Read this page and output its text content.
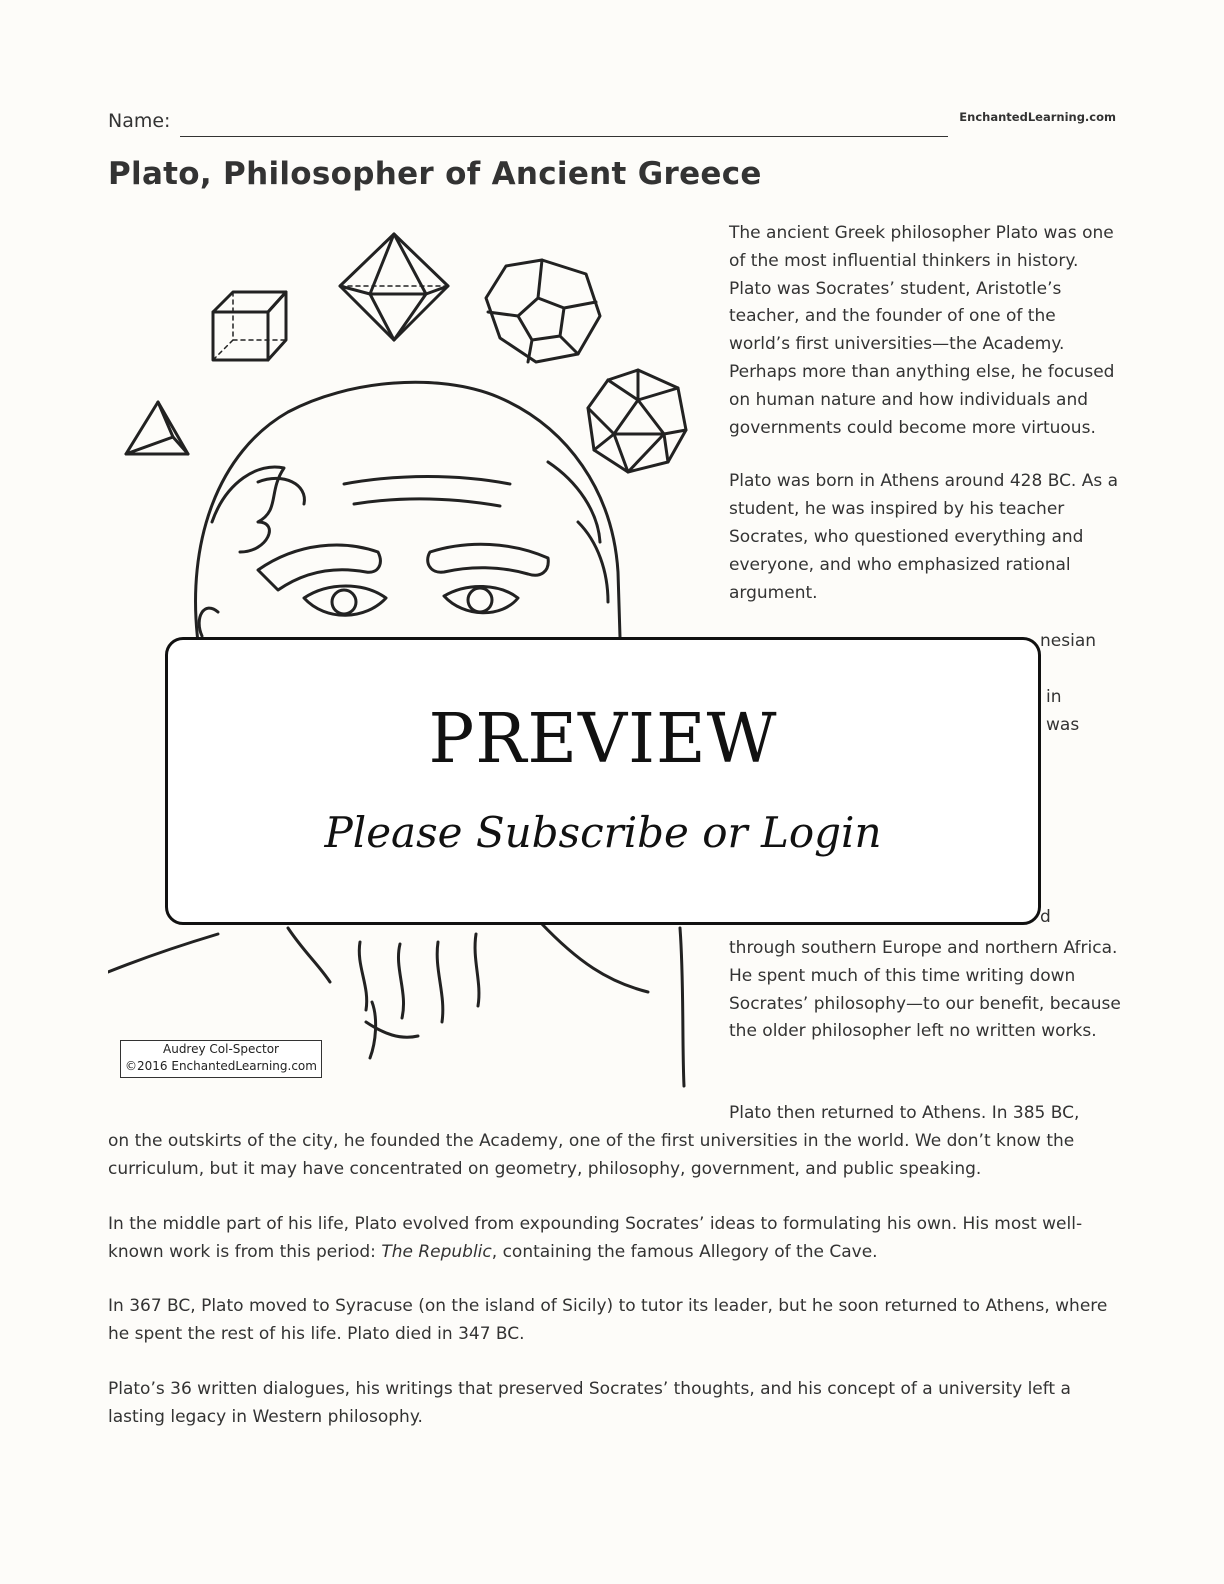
Name:	EnchantedLearning.com
Plato, Philosopher of Ancient Greece
Audrey Col-Spector
©2016 EnchantedLearning.com

The ancient Greek philosopher Plato was one of the most influential thinkers in history. Plato was Socrates’ student, Aristotle’s teacher, and the founder of one of the world’s first universities—the Academy. Perhaps more than anything else, he focused on human nature and how individuals and governments could become more virtuous.

Plato was born in Athens around 428 BC. As a student, he was inspired by his teacher Socrates, who questioned everything and everyone, and who emphasized rational argument.

nesian
in
was
d
through southern Europe and northern Africa. He spent much of this time writing down Socrates’ philosophy—to our benefit, because the older philosopher left no written works.
Plato then returned to Athens. In 385 BC,
on the outskirts of the city, he founded the Academy, one of the first universities in the world. We don’t know the curriculum, but it may have concentrated on geometry, philosophy, government, and public speaking.

In the middle part of his life, Plato evolved from expounding Socrates’ ideas to formulating his own. His most well-known work is from this period: The Republic, containing the famous Allegory of the Cave.

In 367 BC, Plato moved to Syracuse (on the island of Sicily) to tutor its leader, but he soon returned to Athens, where he spent the rest of his life. Plato died in 347 BC.

Plato’s 36 written dialogues, his writings that preserved Socrates’ thoughts, and his concept of a university left a lasting legacy in Western philosophy.

PREVIEW
Please Subscribe or Login
